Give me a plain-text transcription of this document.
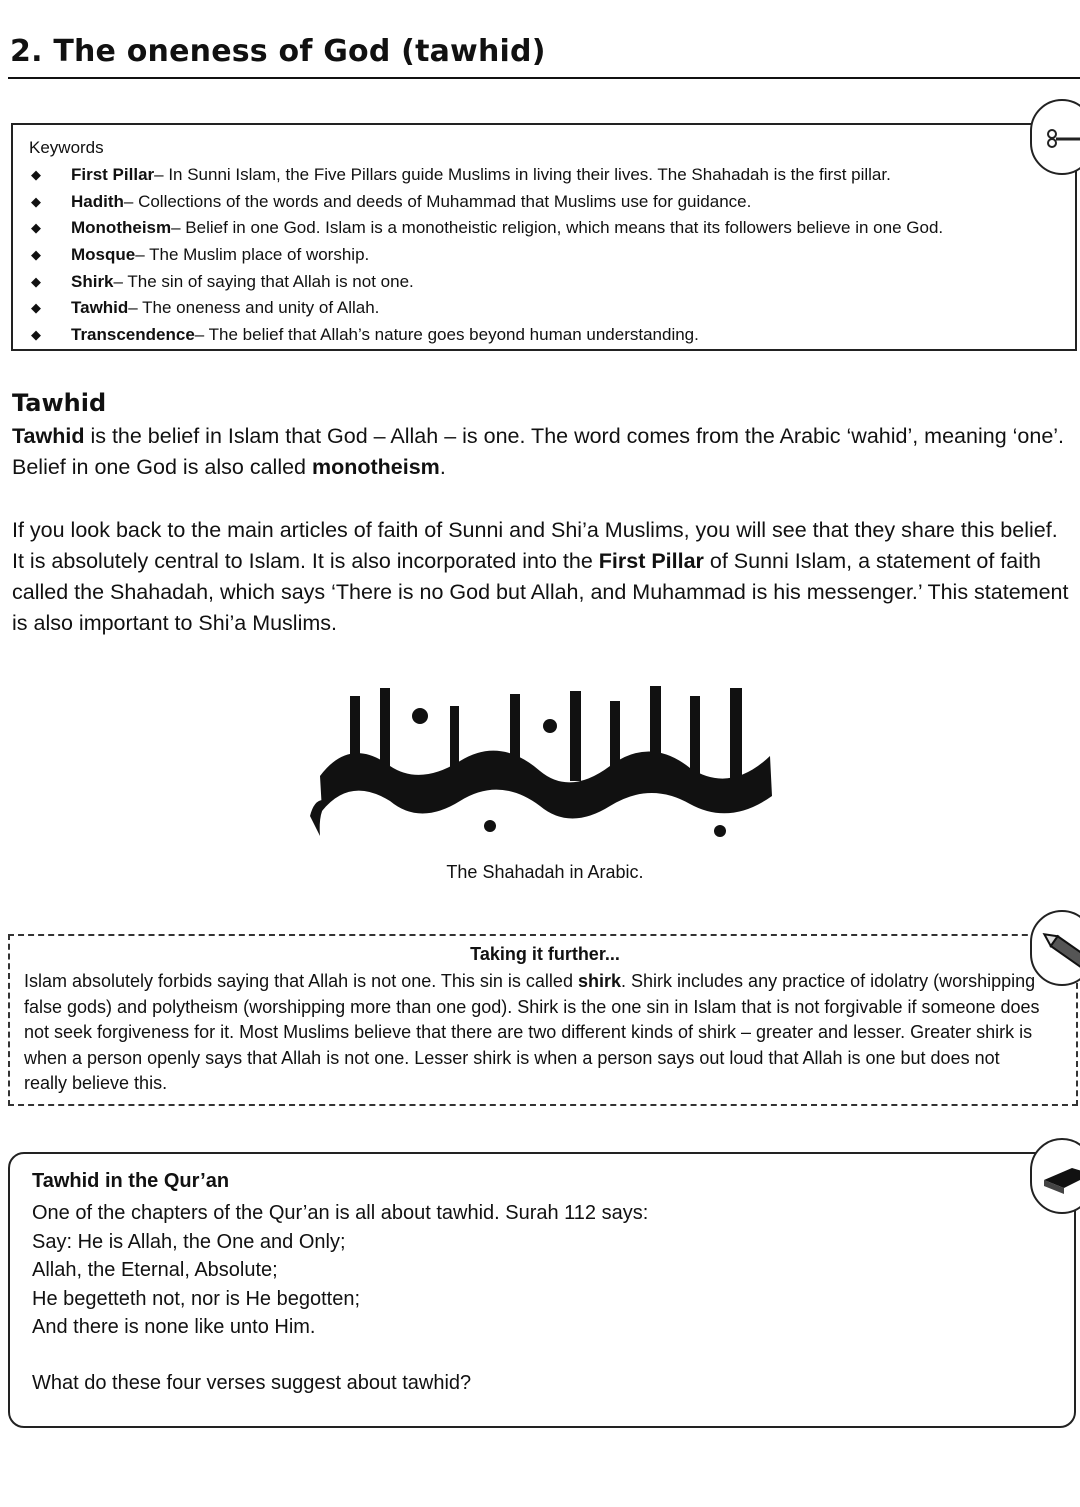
2. The oneness of God (tawhid)
Keywords
◆	First Pillar – In Sunni Islam, the Five Pillars guide Muslims in living their lives. The Shahadah is the first pillar.
◆	Hadith – Collections of the words and deeds of Muhammad that Muslims use for guidance.
◆	Monotheism – Belief in one God. Islam is a monotheistic religion, which means that its followers believe in one God.
◆	Mosque – The Muslim place of worship.
◆	Shirk – The sin of saying that Allah is not one.
◆	Tawhid – The oneness and unity of Allah.
◆	Transcendence – The belief that Allah’s nature goes beyond human understanding.
Tawhid
Tawhid is the belief in Islam that God – Allah – is one. The word comes from the Arabic ‘wahid’, meaning ‘one’. Belief in one God is also called monotheism.
If you look back to the main articles of faith of Sunni and Shi’a Muslims, you will see that they share this belief. It is absolutely central to Islam. It is also incorporated into the First Pillar of Sunni Islam, a statement of faith called the Shahadah, which says ‘There is no God but Allah, and Muhammad is his messenger.’ This statement is also important to Shi’a Muslims.
The Shahadah in Arabic.
Taking it further...
Islam absolutely forbids saying that Allah is not one. This sin is called shirk. Shirk includes any practice of idolatry (worshipping false gods) and polytheism (worshipping more than one god). Shirk is the one sin in Islam that is not forgivable if someone does not seek forgiveness for it. Most Muslims believe that there are two different kinds of shirk – greater and lesser. Greater shirk is when a person openly says that Allah is not one. Lesser shirk is when a person says out loud that Allah is one but does not really believe this.
Tawhid in the Qur’an
One of the chapters of the Qur’an is all about tawhid. Surah 112 says:
Say: He is Allah, the One and Only;
Allah, the Eternal, Absolute;
He begetteth not, nor is He begotten;
And there is none like unto Him.
What do these four verses suggest about tawhid?
